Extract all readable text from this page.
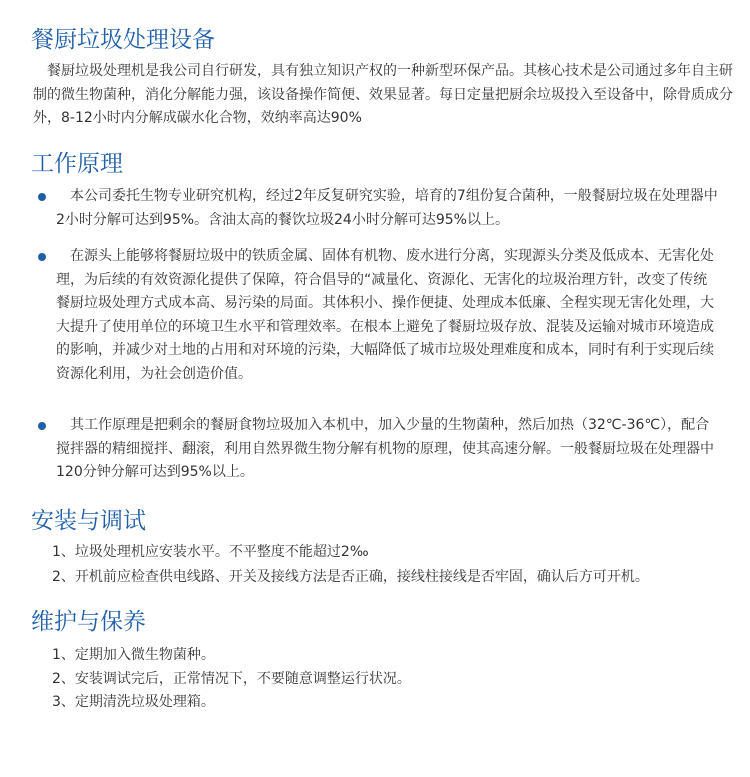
餐厨垃圾处理设备

餐厨垃圾处理机是我公司自行研发，具有独立知识产权的一种新型环保产品。其核心技术是公司通过多年自主研制的微生物菌种，消化分解能力强，该设备操作简便、效果显著。每日定量把厨余垃圾投入至设备中，除骨质成分外，8-12小时内分解成碳水化合物，效纳率高达90%

工作原理

本公司委托生物专业研究机构，经过2年反复研究实验，培育的7组份复合菌种，一般餐厨垃圾在处理器中2小时分解可达到95%。含油太高的餐饮垃圾24小时分解可达95%以上。

在源头上能够将餐厨垃圾中的铁质金属、固体有机物、废水进行分离，实现源头分类及低成本、无害化处理，为后续的有效资源化提供了保障，符合倡导的“减量化、资源化、无害化的垃圾治理方针，改变了传统餐厨垃圾处理方式成本高、易污染的局面。其体积小、操作便捷、处理成本低廉、全程实现无害化处理，大大提升了使用单位的环境卫生水平和管理效率。在根本上避免了餐厨垃圾存放、混装及运输对城市环境造成的影响，并减少对土地的占用和对环境的污染，大幅降低了城市垃圾处理难度和成本，同时有利于实现后续资源化利用，为社会创造价值。

其工作原理是把剩余的餐厨食物垃圾加入本机中，加入少量的生物菌种，然后加热（32℃-36℃），配合搅拌器的精细搅拌、翻滚，利用自然界微生物分解有机物的原理，使其高速分解。一般餐厨垃圾在处理器中120分钟分解可达到95%以上。

安装与调试

1、垃圾处理机应安装水平。不平整度不能超过2‰

2、开机前应检查供电线路、开关及接线方法是否正确，接线柱接线是否牢固，确认后方可开机。

维护与保养

1、定期加入微生物菌种。

2、安装调试完后，正常情况下，不要随意调整运行状况。

3、定期清洗垃圾处理箱。
